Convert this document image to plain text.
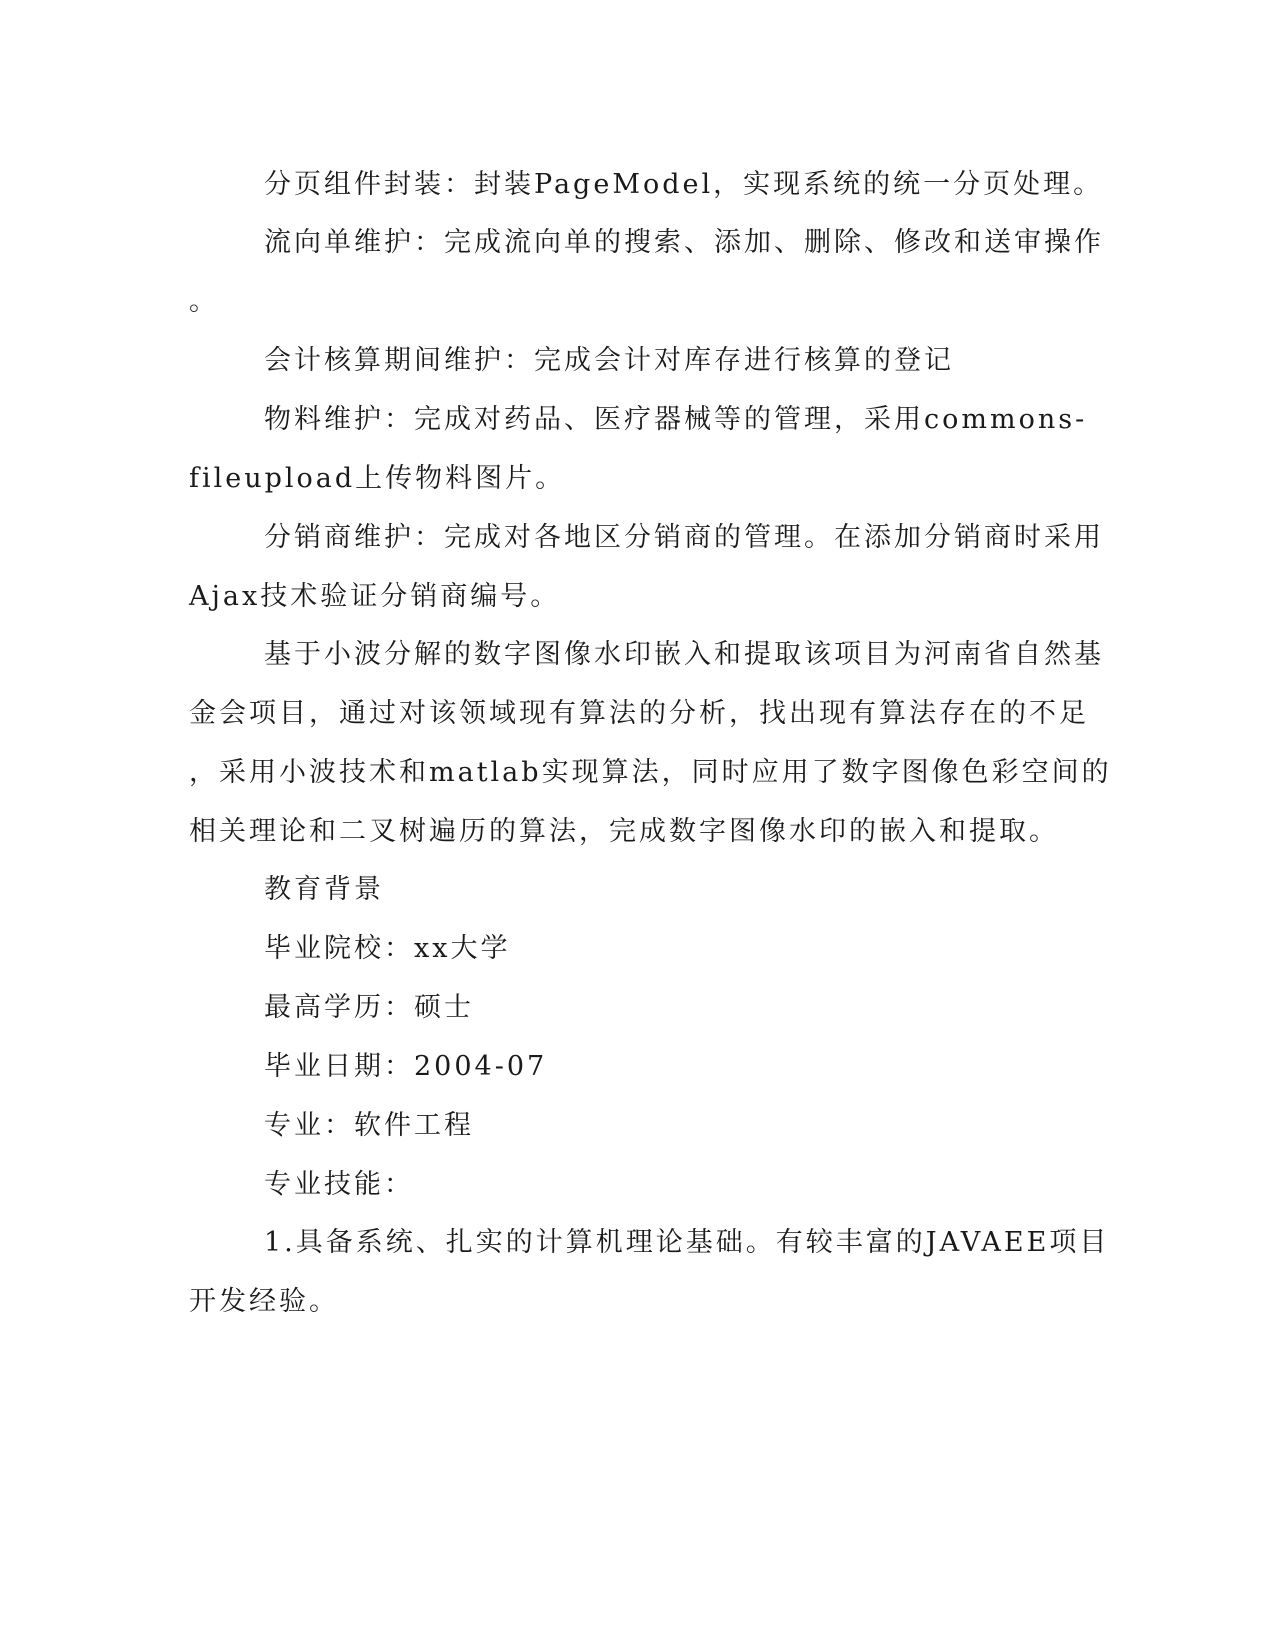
分页组件封装：封装PageModel，实现系统的统一分页处理。

流向单维护：完成流向单的搜索、添加、删除、修改和送审操作

。

会计核算期间维护：完成会计对库存进行核算的登记

物料维护：完成对药品、医疗器械等的管理，采用commons-

fileupload上传物料图片。

分销商维护：完成对各地区分销商的管理。在添加分销商时采用

Ajax技术验证分销商编号。

基于小波分解的数字图像水印嵌入和提取该项目为河南省自然基

金会项目，通过对该领域现有算法的分析，找出现有算法存在的不足

，采用小波技术和matlab实现算法，同时应用了数字图像色彩空间的

相关理论和二叉树遍历的算法，完成数字图像水印的嵌入和提取。

教育背景

毕业院校：xx大学

最高学历：硕士

毕业日期：2004-07

专业：软件工程

专业技能：

1.具备系统、扎实的计算机理论基础。有较丰富的JAVAEE项目

开发经验。
